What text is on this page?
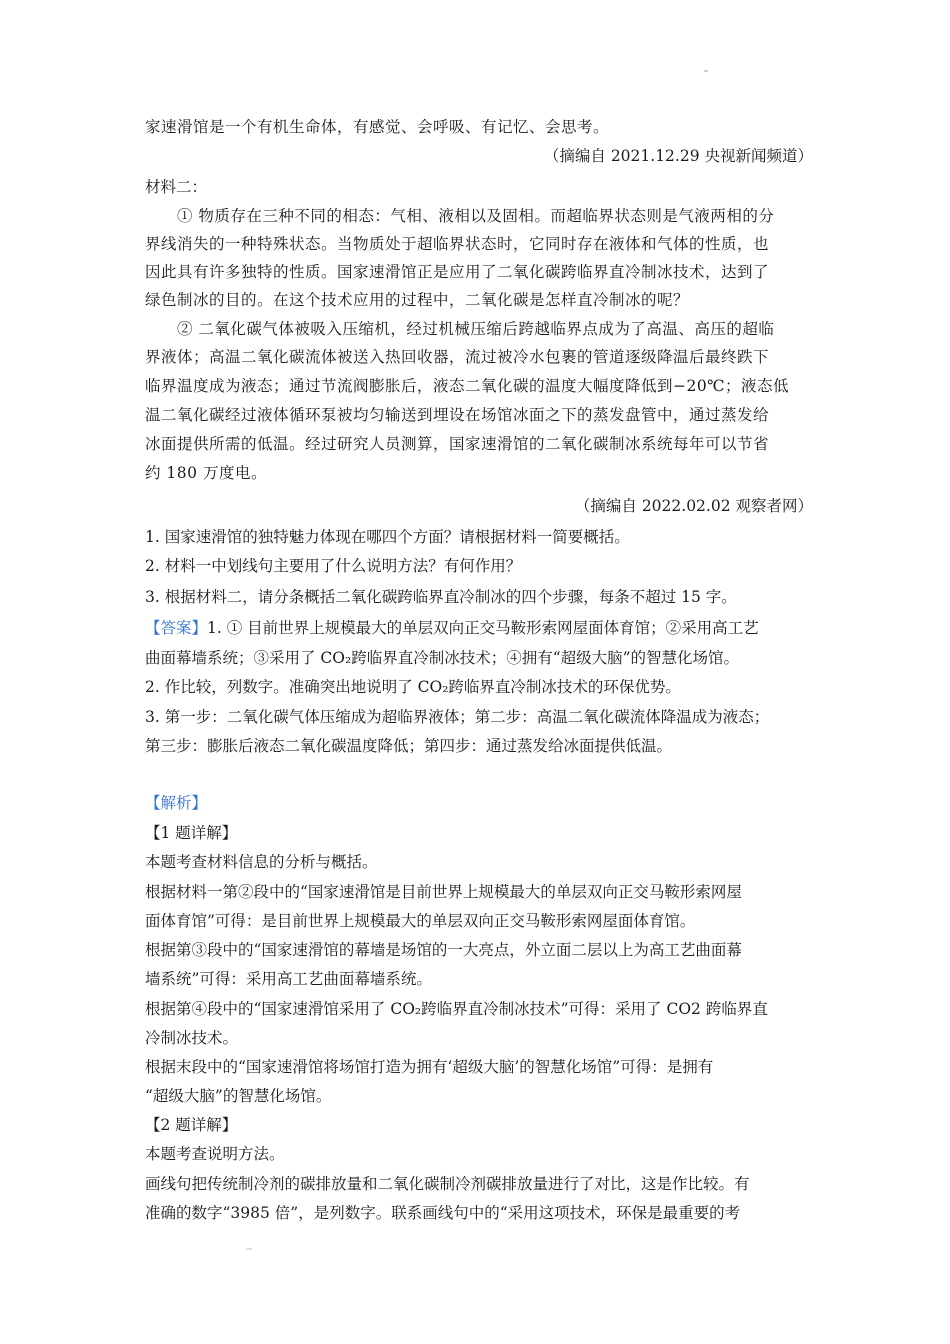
家速滑馆是一个有机生命体，有感觉、会呼吸、有记忆、会思考。
（摘编自 2021.12.29 央视新闻频道）
材料二：
① 物质存在三种不同的相态：气相、液相以及固相。而超临界状态则是气液两相的分
界线消失的一种特殊状态。当物质处于超临界状态时，它同时存在液体和气体的性质，也
因此具有许多独特的性质。国家速滑馆正是应用了二氧化碳跨临界直冷制冰技术，达到了
绿色制冰的目的。在这个技术应用的过程中，二氧化碳是怎样直冷制冰的呢？
② 二氧化碳气体被吸入压缩机，经过机械压缩后跨越临界点成为了高温、高压的超临
界液体；高温二氧化碳流体被送入热回收器，流过被冷水包裹的管道逐级降温后最终跌下
临界温度成为液态；通过节流阀膨胀后，液态二氧化碳的温度大幅度降低到−20℃；液态低
温二氧化碳经过液体循环泵被均匀输送到埋设在场馆冰面之下的蒸发盘管中，通过蒸发给
冰面提供所需的低温。经过研究人员测算，国家速滑馆的二氧化碳制冰系统每年可以节省
约 180 万度电。
（摘编自 2022.02.02 观察者网）
1. 国家速滑馆的独特魅力体现在哪四个方面？请根据材料一简要概括。
2. 材料一中划线句主要用了什么说明方法？有何作用？
3. 根据材料二，请分条概括二氧化碳跨临界直冷制冰的四个步骤，每条不超过 15 字。
【答案】1. ① 目前世界上规模最大的单层双向正交马鞍形索网屋面体育馆；②采用高工艺
曲面幕墙系统；③采用了 CO₂跨临界直冷制冰技术；④拥有“超级大脑”的智慧化场馆。
2. 作比较，列数字。准确突出地说明了 CO₂跨临界直冷制冰技术的环保优势。
3. 第一步：二氧化碳气体压缩成为超临界液体；第二步：高温二氧化碳流体降温成为液态；
第三步：膨胀后液态二氧化碳温度降低；第四步：通过蒸发给冰面提供低温。
【解析】
【1 题详解】
本题考查材料信息的分析与概括。
根据材料一第②段中的“国家速滑馆是目前世界上规模最大的单层双向正交马鞍形索网屋
面体育馆”可得：是目前世界上规模最大的单层双向正交马鞍形索网屋面体育馆。
根据第③段中的“国家速滑馆的幕墙是场馆的一大亮点，外立面二层以上为高工艺曲面幕
墙系统”可得：采用高工艺曲面幕墙系统。
根据第④段中的“国家速滑馆采用了 CO₂跨临界直冷制冰技术”可得：采用了 CO2 跨临界直
冷制冰技术。
根据末段中的“国家速滑馆将场馆打造为拥有‘超级大脑’的智慧化场馆”可得：是拥有
“超级大脑”的智慧化场馆。
【2 题详解】
本题考查说明方法。
画线句把传统制冷剂的碳排放量和二氧化碳制冷剂碳排放量进行了对比，这是作比较。有
准确的数字“3985 倍”，是列数字。联系画线句中的“采用这项技术，环保是最重要的考
